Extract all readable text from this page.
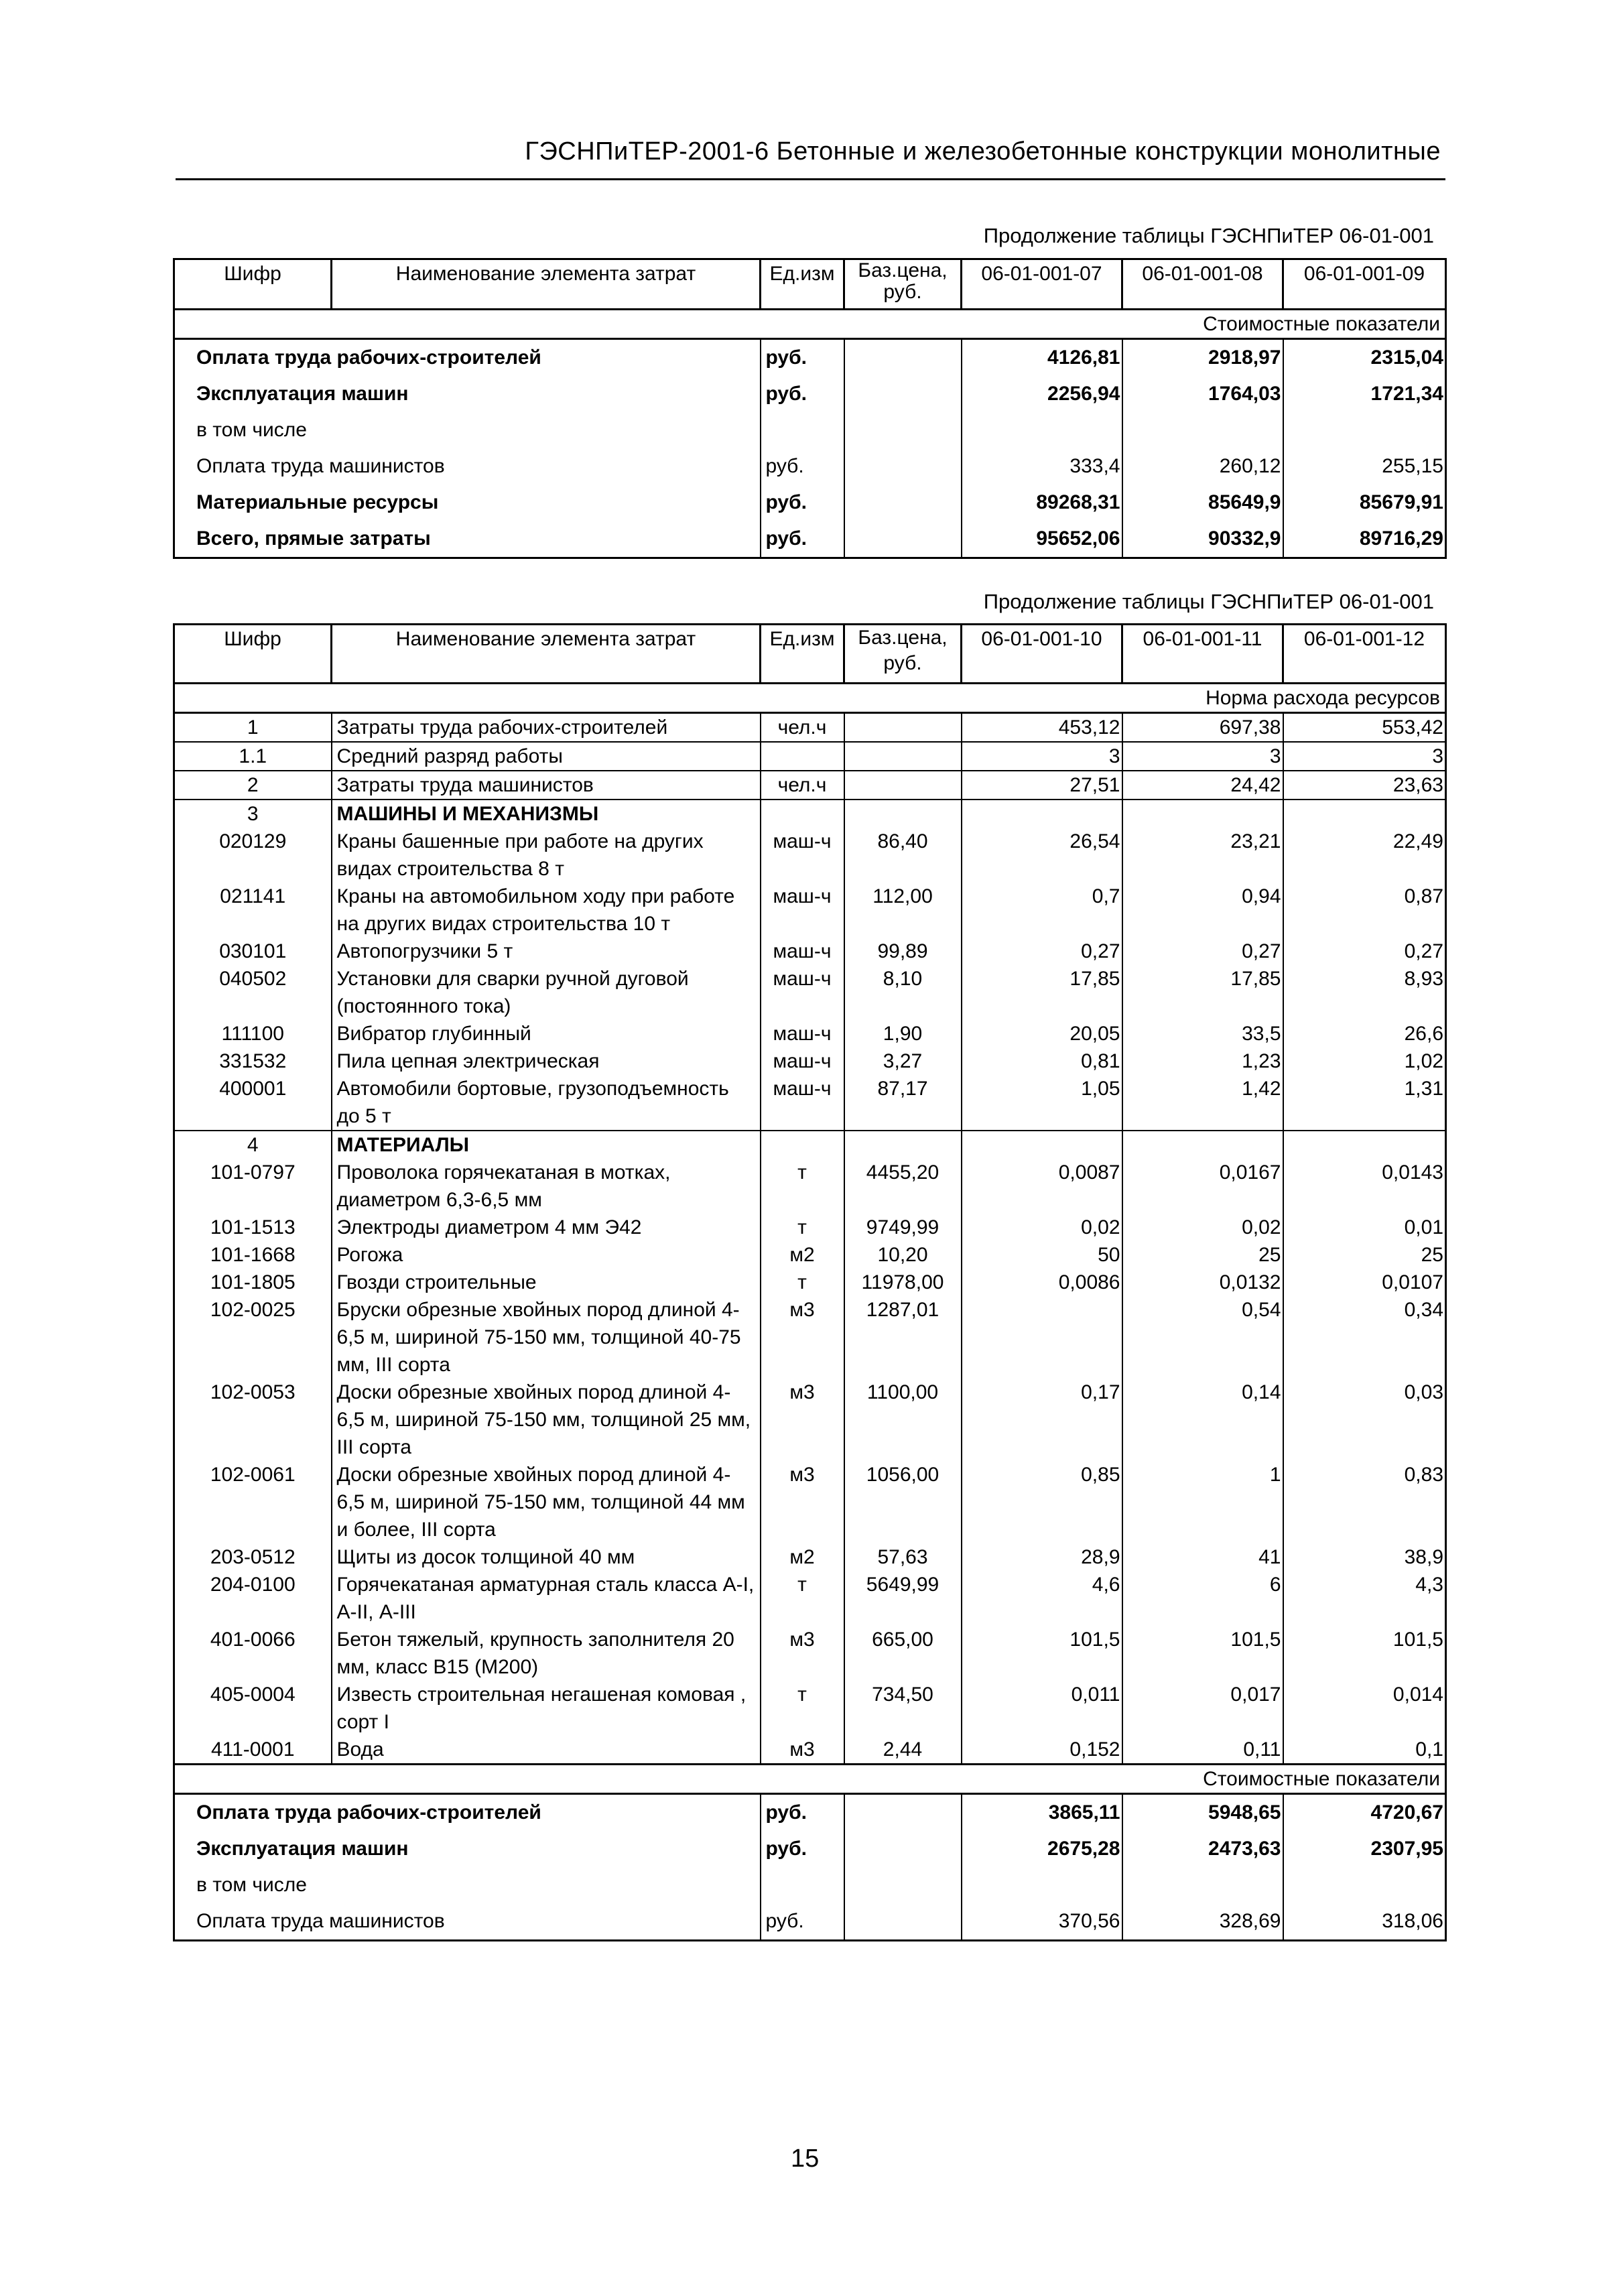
ГЭСНПиТЕР-2001-6 Бетонные и железобетонные конструкции монолитные
Продолжение таблицы ГЭСНПиТЕР 06-01-001
Шифр	Наименование элемента затрат	Ед.изм	Баз.цена, руб.	06-01-001-07	06-01-001-08	06-01-001-09
Стоимостные показатели						
Оплата труда рабочих-строителей		руб.		4126,81	2918,97	2315,04
Эксплуатация машин		руб.		2256,94	1764,03	1721,34
в том числе						
Оплата труда машинистов		руб.		333,4	260,12	255,15
Материальные ресурсы		руб.		89268,31	85649,9	85679,91
Всего, прямые затраты		руб.		95652,06	90332,9	89716,29
Продолжение таблицы ГЭСНПиТЕР 06-01-001
Шифр	Наименование элемента затрат	Ед.изм	Баз.цена, руб.	06-01-001-10	06-01-001-11	06-01-001-12
Норма расхода ресурсов						
1	Затраты труда рабочих-строителей	чел.ч		453,12	697,38	553,42
1.1	Средний разряд работы			3	3	3
2	Затраты труда машинистов	чел.ч		27,51	24,42	23,63
3	МАШИНЫ И МЕХАНИЗМЫ					
020129	Краны башенные при работе на других видах строительства 8 т	маш-ч	86,40	26,54	23,21	22,49
021141	Краны на автомобильном ходу при работе на других видах строительства 10 т	маш-ч	112,00	0,7	0,94	0,87
030101	Автопогрузчики 5 т	маш-ч	99,89	0,27	0,27	0,27
040502	Установки для сварки ручной дуговой (постоянного тока)	маш-ч	8,10	17,85	17,85	8,93
111100	Вибратор глубинный	маш-ч	1,90	20,05	33,5	26,6
331532	Пила цепная электрическая	маш-ч	3,27	0,81	1,23	1,02
400001	Автомобили бортовые, грузоподъемность до 5 т	маш-ч	87,17	1,05	1,42	1,31
4	МАТЕРИАЛЫ					
101-0797	Проволока горячекатаная в мотках, диаметром 6,3-6,5 мм	т	4455,20	0,0087	0,0167	0,0143
101-1513	Электроды диаметром 4 мм Э42	т	9749,99	0,02	0,02	0,01
101-1668	Рогожа	м2	10,20	50	25	25
101-1805	Гвозди строительные	т	11978,00	0,0086	0,0132	0,0107
102-0025	Бруски обрезные хвойных пород длиной 4-6,5 м, шириной 75-150 мм, толщиной 40-75 мм, III сорта	м3	1287,01		0,54	0,34
102-0053	Доски обрезные хвойных пород длиной 4-6,5 м, шириной 75-150 мм, толщиной 25 мм, III сорта	м3	1100,00	0,17	0,14	0,03
102-0061	Доски обрезные хвойных пород длиной 4-6,5 м, шириной 75-150 мм, толщиной 44 мм и более, III сорта	м3	1056,00	0,85	1	0,83
203-0512	Щиты из досок толщиной 40 мм	м2	57,63	28,9	41	38,9
204-0100	Горячекатаная арматурная сталь класса А-I, А-II, А-III	т	5649,99	4,6	6	4,3
401-0066	Бетон тяжелый, крупность заполнителя 20 мм, класс В15 (М200)	м3	665,00	101,5	101,5	101,5
405-0004	Известь строительная негашеная комовая , сорт I	т	734,50	0,011	0,017	0,014
411-0001	Вода	м3	2,44	0,152	0,11	0,1
Стоимостные показатели						
Оплата труда рабочих-строителей		руб.		3865,11	5948,65	4720,67
Эксплуатация машин		руб.		2675,28	2473,63	2307,95
в том числе						
Оплата труда машинистов		руб.		370,56	328,69	318,06
15
